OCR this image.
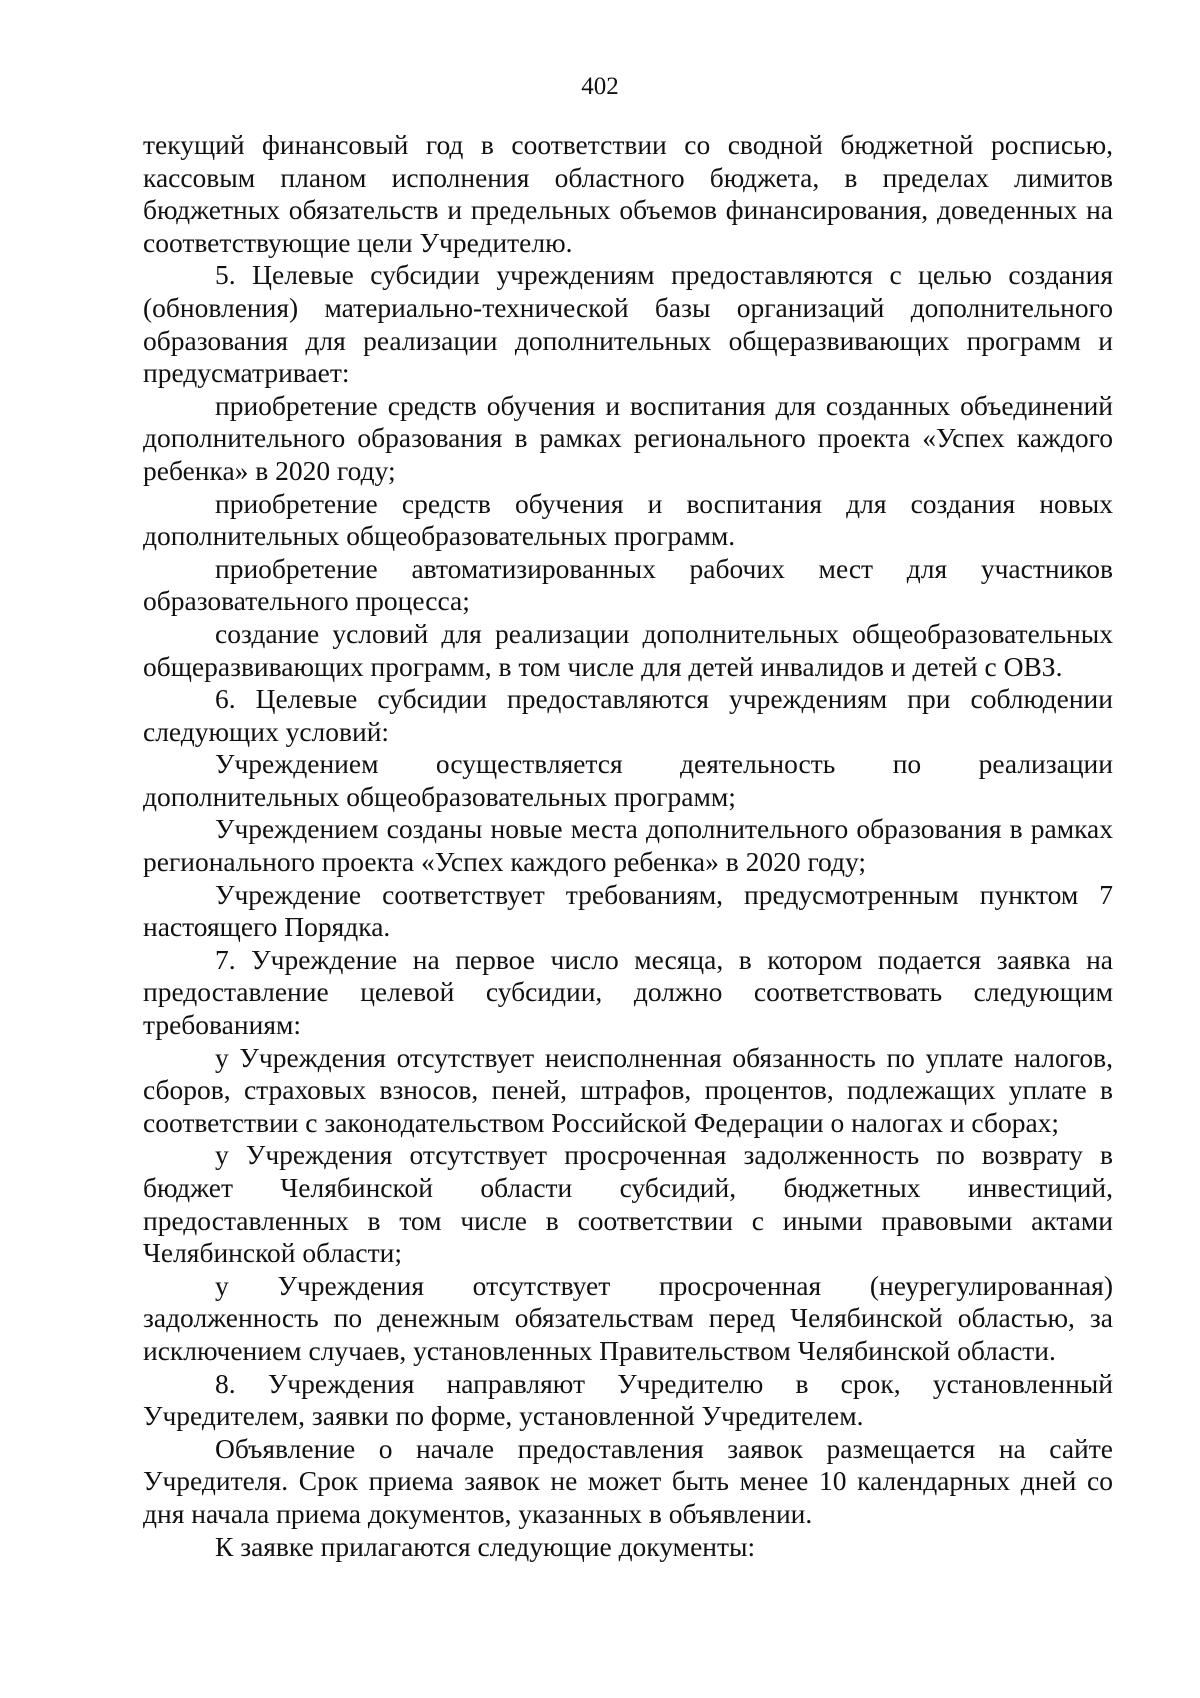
402

текущий финансовый год в соответствии со сводной бюджетной росписью, кассовым планом исполнения областного бюджета, в пределах лимитов бюджетных обязательств и предельных объемов финансирования, доведенных на соответствующие цели Учредителю.

5. Целевые субсидии учреждениям предоставляются с целью создания (обновления) материально-технической базы организаций дополнительного образования для реализации дополнительных общеразвивающих программ и предусматривает:

приобретение средств обучения и воспитания для созданных объединений дополнительного образования в рамках регионального проекта «Успех каждого ребенка» в 2020 году;

приобретение средств обучения и воспитания для создания новых дополнительных общеобразовательных программ.

приобретение автоматизированных рабочих мест для участников образовательного процесса;

создание условий для реализации дополнительных общеобразовательных общеразвивающих программ, в том числе для детей инвалидов и детей с ОВЗ.

6. Целевые субсидии предоставляются учреждениям при соблюдении следующих условий:

Учреждением осуществляется деятельность по реализации дополнительных общеобразовательных программ;

Учреждением созданы новые места дополнительного образования в рамках регионального проекта «Успех каждого ребенка» в 2020 году;

Учреждение соответствует требованиям, предусмотренным пунктом 7 настоящего Порядка.

7. Учреждение на первое число месяца, в котором подается заявка на предоставление целевой субсидии, должно соответствовать следующим требованиям:

у Учреждения отсутствует неисполненная обязанность по уплате налогов, сборов, страховых взносов, пеней, штрафов, процентов, подлежащих уплате в соответствии с законодательством Российской Федерации о налогах и сборах;

у Учреждения отсутствует просроченная задолженность по возврату в бюджет Челябинской области субсидий, бюджетных инвестиций, предоставленных в том числе в соответствии с иными правовыми актами Челябинской области;

у Учреждения отсутствует просроченная (неурегулированная) задолженность по денежным обязательствам перед Челябинской областью, за исключением случаев, установленных Правительством Челябинской области.

8. Учреждения направляют Учредителю в срок, установленный Учредителем, заявки по форме, установленной Учредителем.

Объявление о начале предоставления заявок размещается на сайте Учредителя. Срок приема заявок не может быть менее 10 календарных дней со дня начала приема документов, указанных в объявлении.

К заявке прилагаются следующие документы:
